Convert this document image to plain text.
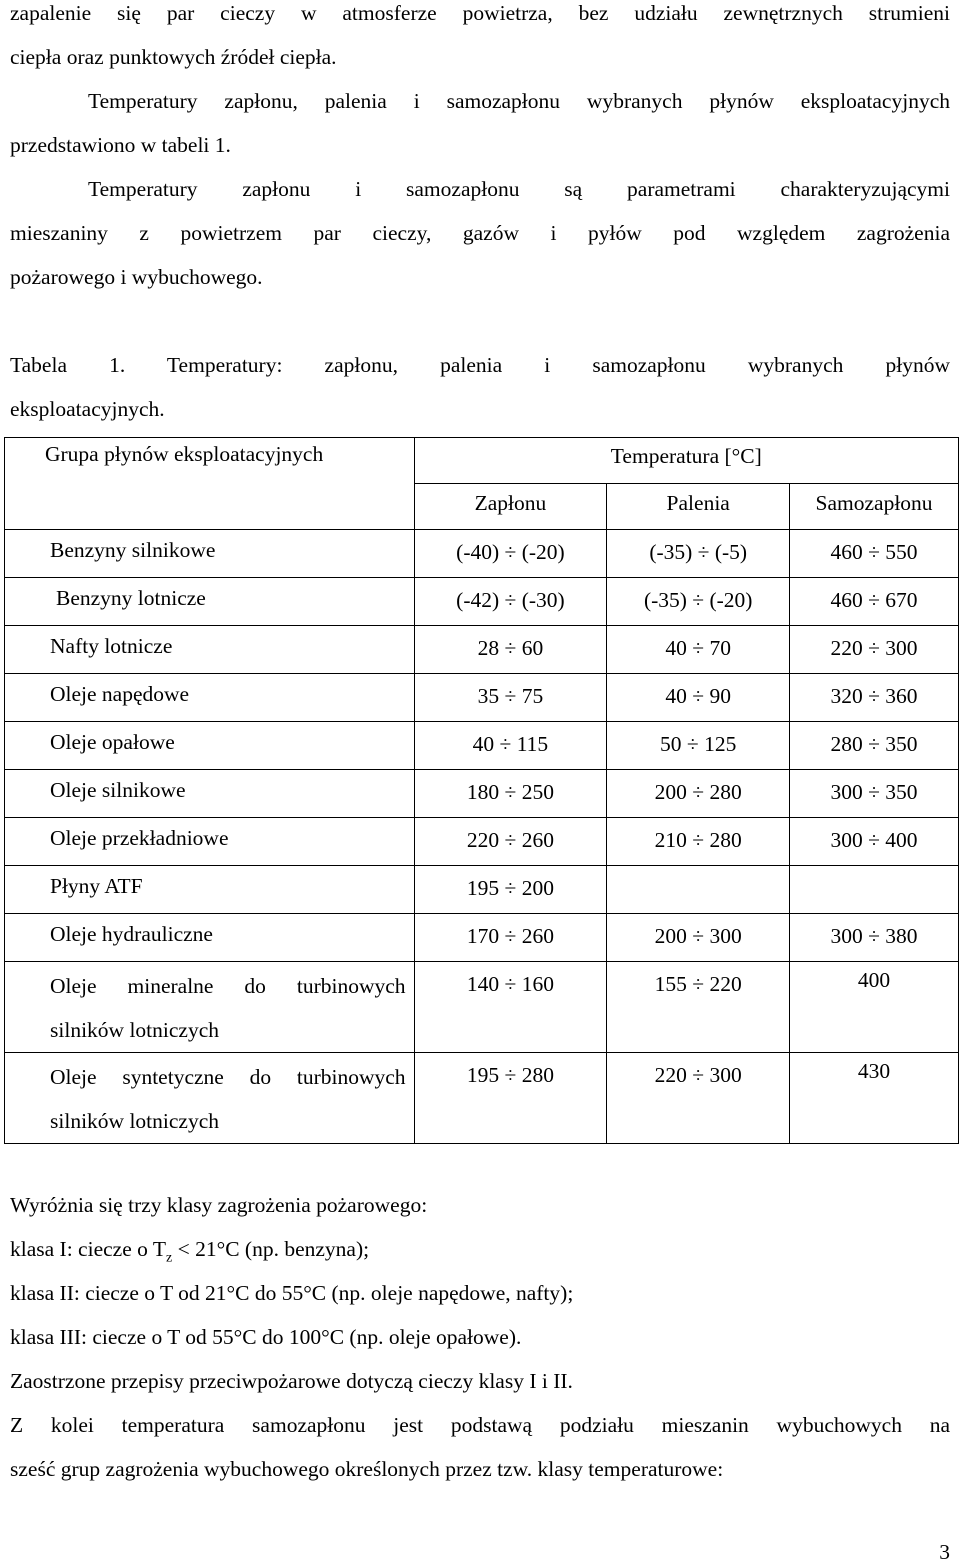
zapalenie się par cieczy w atmosferze powietrza, bez udziału zewnętrznych strumieni
ciepła oraz punktowych źródeł ciepła.
Temperatury zapłonu, palenia i samozapłonu wybranych płynów eksploatacyjnych
przedstawiono w tabeli 1.
Temperatury zapłonu i samozapłonu są parametrami charakteryzującymi
mieszaniny z powietrzem par cieczy, gazów i pyłów pod względem zagrożenia
pożarowego i wybuchowego.
Tabela 1. Temperatury: zapłonu, palenia i samozapłonu wybranych płynów
eksploatacyjnych.
Grupa płynów eksploatacyjnych	Temperatura [°C]		

	Zapłonu	Palenia	Samozapłonu

Benzyny silnikowe	(-40) ÷ (-20)	(-35) ÷ (-5)	460 ÷ 550

Benzyny lotnicze	(-42) ÷ (-30)	(-35) ÷ (-20)	460 ÷ 670

Nafty lotnicze	28 ÷ 60	40 ÷ 70	220 ÷ 300

Oleje napędowe	35 ÷ 75	40 ÷ 90	320 ÷ 360

Oleje opałowe	40 ÷ 115	50 ÷ 125	280 ÷ 350

Oleje silnikowe	180 ÷ 250	200 ÷ 280	300 ÷ 350

Oleje przekładniowe	220 ÷ 260	210 ÷ 280	300 ÷ 400

Płyny ATF	195 ÷ 200		

Oleje hydrauliczne	170 ÷ 260	200 ÷ 300	300 ÷ 380

Oleje mineralne do turbinowych
silników lotniczych	140 ÷ 160	155 ÷ 220	400

Oleje syntetyczne do turbinowych
silników lotniczych	195 ÷ 280	220 ÷ 300	430
Wyróżnia się trzy klasy zagrożenia pożarowego:
klasa I: ciecze o $T_z < 21^\circ C$ (np. benzyna);
klasa II: ciecze o T od 21°C do 55°C (np. oleje napędowe, nafty);
klasa III: ciecze o T od 55°C do 100°C (np. oleje opałowe).
Zaostrzone przepisy przeciwpożarowe dotyczą cieczy klasy I i II.
Z kolei temperatura samozapłonu jest podstawą podziału mieszanin wybuchowych na
sześć grup zagrożenia wybuchowego określonych przez tzw. klasy temperaturowe:
3
